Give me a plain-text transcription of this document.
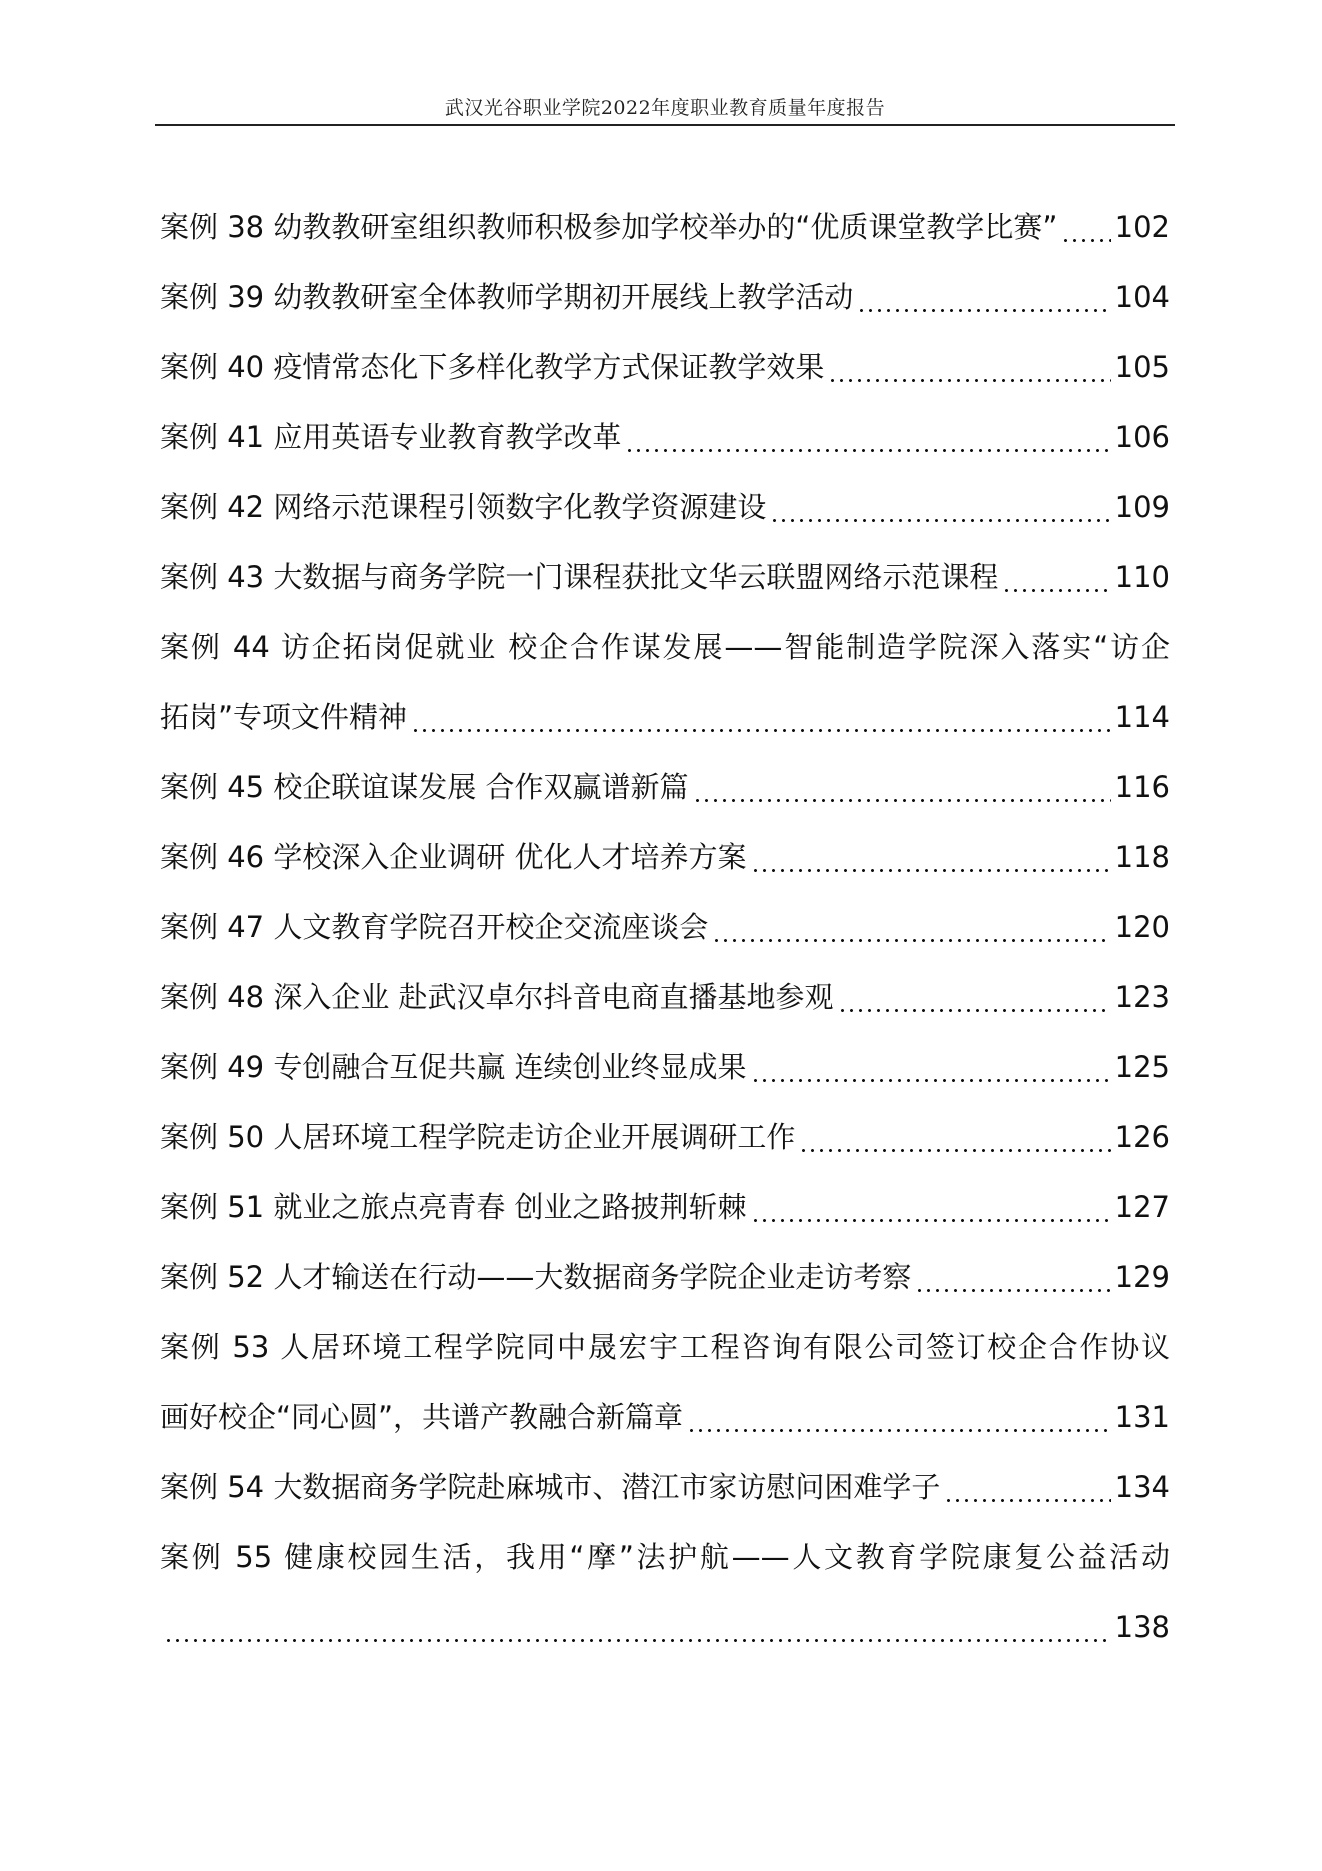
武汉光谷职业学院2022年度职业教育质量年度报告
案例 38 幼教教研室组织教师积极参加学校举办的“优质课堂教学比赛” 102
案例 39 幼教教研室全体教师学期初开展线上教学活动	104
案例 40 疫情常态化下多样化教学方式保证教学效果	105
案例 41 应用英语专业教育教学改革	106
案例 42 网络示范课程引领数字化教学资源建设	109
案例 43 大数据与商务学院一门课程获批文华云联盟网络示范课程	110
案例 44 访企拓岗促就业 校企合作谋发展——智能制造学院深入落实“访企
拓岗”专项文件精神	114
案例 45 校企联谊谋发展 合作双赢谱新篇	116
案例 46 学校深入企业调研 优化人才培养方案	118
案例 47 人文教育学院召开校企交流座谈会	120
案例 48 深入企业 赴武汉卓尔抖音电商直播基地参观	123
案例 49 专创融合互促共赢 连续创业终显成果	125
案例 50 人居环境工程学院走访企业开展调研工作	126
案例 51 就业之旅点亮青春 创业之路披荆斩棘	127
案例 52 人才输送在行动——大数据商务学院企业走访考察	129
案例 53 人居环境工程学院同中晟宏宇工程咨询有限公司签订校企合作协议
画好校企“同心圆”，共谱产教融合新篇章	131
案例 54 大数据商务学院赴麻城市、潜江市家访慰问困难学子	134
案例 55 健康校园生活，我用“摩”法护航——人文教育学院康复公益活动
138
